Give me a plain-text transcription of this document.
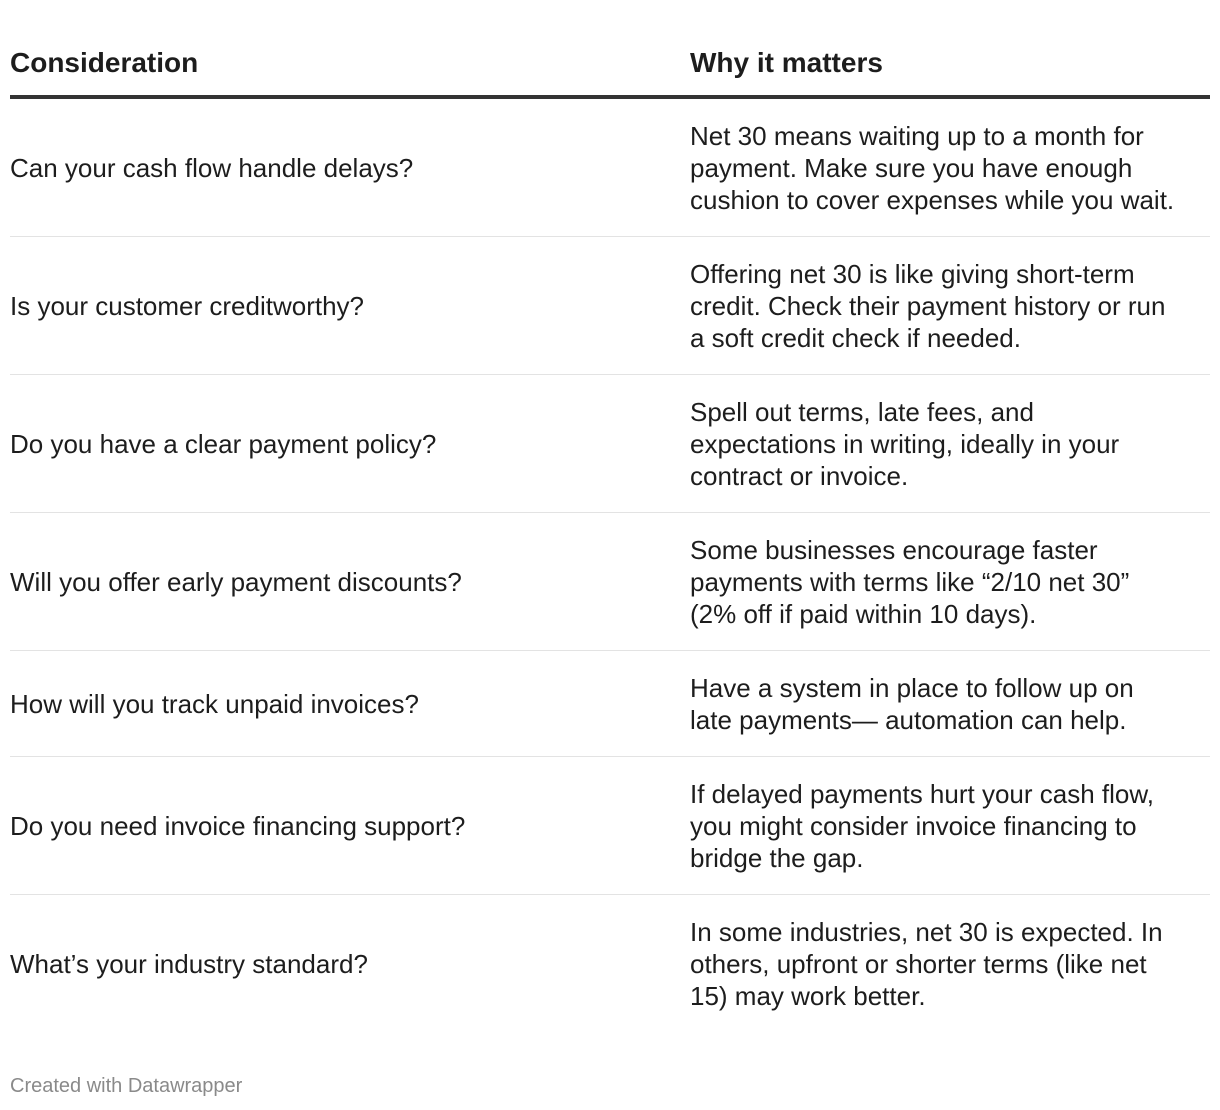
Consideration	Why it matters
Can your cash flow handle delays?
Net 30 means waiting up to a month for
payment. Make sure you have enough
cushion to cover expenses while you wait.
Is your customer creditworthy?
Offering net 30 is like giving short-term
credit. Check their payment history or run
a soft credit check if needed.
Do you have a clear payment policy?
Spell out terms, late fees, and
expectations in writing, ideally in your
contract or invoice.
Will you offer early payment discounts?
Some businesses encourage faster
payments with terms like “2/10 net 30”
(2% off if paid within 10 days).
How will you track unpaid invoices?
Have a system in place to follow up on
late payments— automation can help.
Do you need invoice financing support?
If delayed payments hurt your cash flow,
you might consider invoice financing to
bridge the gap.
What’s your industry standard?
In some industries, net 30 is expected. In
others, upfront or shorter terms (like net
15) may work better.
Created with Datawrapper
